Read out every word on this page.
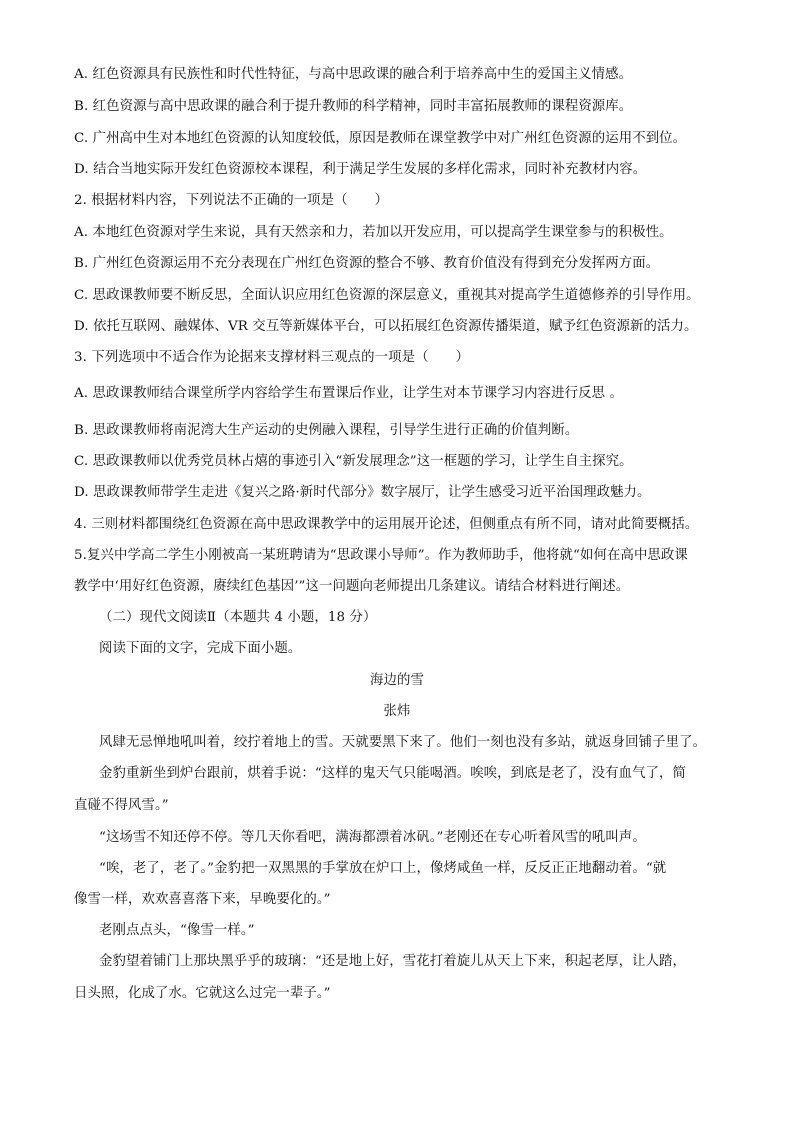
A. 红色资源具有民族性和时代性特征，与高中思政课的融合利于培养高中生的爱国主义情感。
B. 红色资源与高中思政课的融合利于提升教师的科学精神，同时丰富拓展教师的课程资源库。
C. 广州高中生对本地红色资源的认知度较低，原因是教师在课堂教学中对广州红色资源的运用不到位。
D. 结合当地实际开发红色资源校本课程，利于满足学生发展的多样化需求，同时补充教材内容。
2. 根据材料内容，下列说法不正确的一项是（　　）
A. 本地红色资源对学生来说，具有天然亲和力，若加以开发应用，可以提高学生课堂参与的积极性。
B. 广州红色资源运用不充分表现在广州红色资源的整合不够、教育价值没有得到充分发挥两方面。
C. 思政课教师要不断反思，全面认识应用红色资源的深层意义，重视其对提高学生道德修养的引导作用。
D. 依托互联网、融媒体、VR 交互等新媒体平台，可以拓展红色资源传播渠道，赋予红色资源新的活力。
3. 下列选项中不适合作为论据来支撑材料三观点的一项是（　　）
A. 思政课教师结合课堂所学内容给学生布置课后作业，让学生对本节课学习内容进行反思 。
B. 思政课教师将南泥湾大生产运动的史例融入课程，引导学生进行正确的价值判断。
C. 思政课教师以优秀党员林占熺的事迹引入“新发展理念”这一框题的学习，让学生自主探究。
D. 思政课教师带学生走进《复兴之路·新时代部分》数字展厅，让学生感受习近平治国理政魅力。
4. 三则材料都围绕红色资源在高中思政课教学中的运用展开论述，但侧重点有所不同，请对此简要概括。
5.复兴中学高二学生小刚被高一某班聘请为“思政课小导师”。作为教师助手，他将就“如何在高中思政课
教学中‘用好红色资源，赓续红色基因’”这一问题向老师提出几条建议。请结合材料进行阐述。
（二）现代文阅读Ⅱ（本题共 4 小题，18 分）
阅读下面的文字，完成下面小题。
海边的雪
张炜
风肆无忌惮地吼叫着，绞拧着地上的雪。天就要黑下来了。他们一刻也没有多站，就返身回铺子里了。
金豹重新坐到炉台跟前，烘着手说：“这样的鬼天气只能喝酒。唉唉，到底是老了，没有血气了，简
直碰不得风雪。”
“这场雪不知还停不停。等几天你看吧，满海都漂着冰矾。”老刚还在专心听着风雪的吼叫声。
“唉，老了，老了。”金豹把一双黑黑的手掌放在炉口上，像烤咸鱼一样，反反正正地翻动着。“就
像雪一样，欢欢喜喜落下来，早晚要化的。”
老刚点点头，“像雪一样。”
金豹望着铺门上那块黑乎乎的玻璃：“还是地上好，雪花打着旋儿从天上下来，积起老厚，让人踏，
日头照，化成了水。它就这么过完一辈子。”
